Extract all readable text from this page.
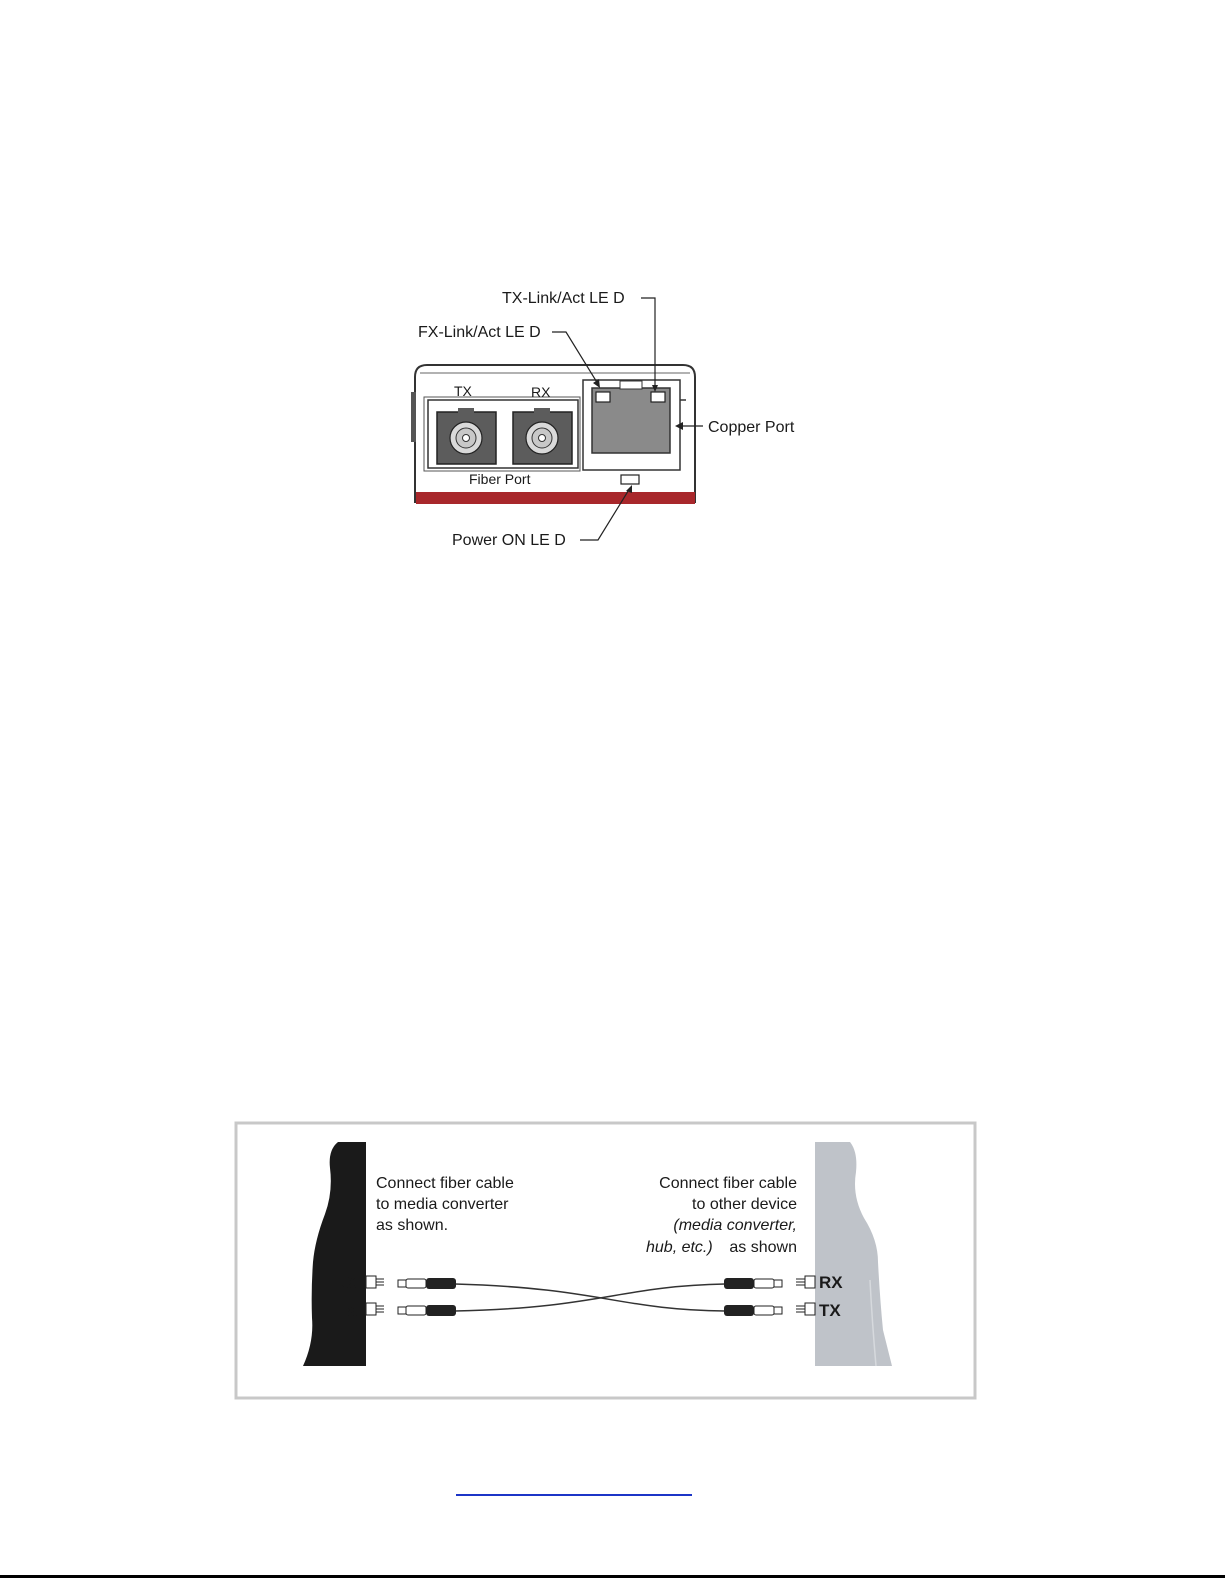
TX-Link/Act LE D
FX-Link/Act LE D
Copper Port
Power ON LE D
TX	RX
Fiber Port
RX
TX
RX
TX
Connect fiber cable
to media converter
as shown.
Connect fiber cable
to other device
(media converter,
hub, etc.) as shown
